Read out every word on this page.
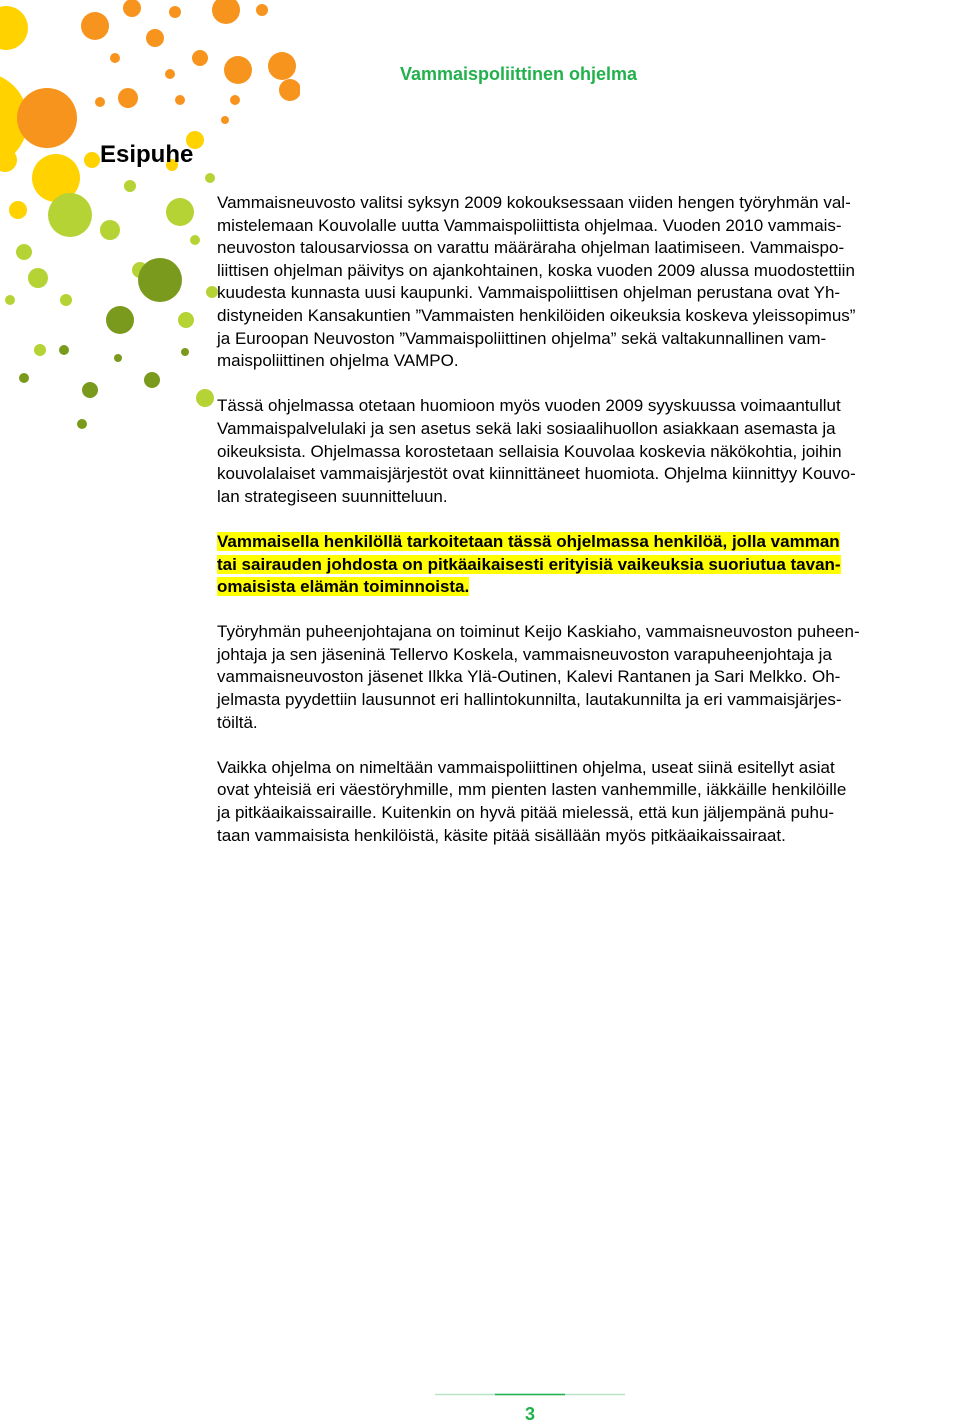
Vammaispoliittinen ohjelma
Esipuhe

Vammaisneuvosto valitsi syksyn 2009 kokouksessaan viiden hengen työryhmän val-
mistelemaan Kouvolalle uutta Vammaispoliittista ohjelmaa. Vuoden 2010 vammais-
neuvoston talousarviossa on varattu määräraha ohjelman laatimiseen. Vammaispo-
liittisen ohjelman päivitys on ajankohtainen, koska vuoden 2009 alussa muodostettiin
kuudesta kunnasta uusi kaupunki. Vammaispoliittisen ohjelman perustana ovat Yh-
distyneiden Kansakuntien ”Vammaisten henkilöiden oikeuksia koskeva yleissopimus”
ja Euroopan Neuvoston ”Vammaispoliittinen ohjelma” sekä valtakunnallinen vam-
maispoliittinen ohjelma VAMPO.

Tässä ohjelmassa otetaan huomioon myös vuoden 2009 syyskuussa voimaantullut
Vammaispalvelulaki ja sen asetus sekä laki sosiaalihuollon asiakkaan asemasta ja
oikeuksista. Ohjelmassa korostetaan sellaisia Kouvolaa koskevia näkökohtia, joihin
kouvolalaiset vammaisjärjestöt ovat kiinnittäneet huomiota. Ohjelma kiinnittyy Kouvo-
lan strategiseen suunnitteluun.

Vammaisella henkilöllä tarkoitetaan tässä ohjelmassa henkilöä, jolla vamman
tai sairauden johdosta on pitkäaikaisesti erityisiä vaikeuksia suoriutua tavan-
omaisista elämän toiminnoista.

Työryhmän puheenjohtajana on toiminut Keijo Kaskiaho, vammaisneuvoston puheen-
johtaja ja sen jäseninä Tellervo Koskela, vammaisneuvoston varapuheenjohtaja ja
vammaisneuvoston jäsenet Ilkka Ylä-Outinen, Kalevi Rantanen ja Sari Melkko. Oh-
jelmasta pyydettiin lausunnot eri hallintokunnilta, lautakunnilta ja eri vammaisjärjes-
töiltä.

Vaikka ohjelma on nimeltään vammaispoliittinen ohjelma, useat siinä esitellyt asiat
ovat yhteisiä eri väestöryhmille, mm pienten lasten vanhemmille, iäkkäille henkilöille
ja pitkäaikaissairaille. Kuitenkin on hyvä pitää mielessä, että kun jäljempänä puhu-
taan vammaisista henkilöistä, käsite pitää sisällään myös pitkäaikaissairaat.

3
